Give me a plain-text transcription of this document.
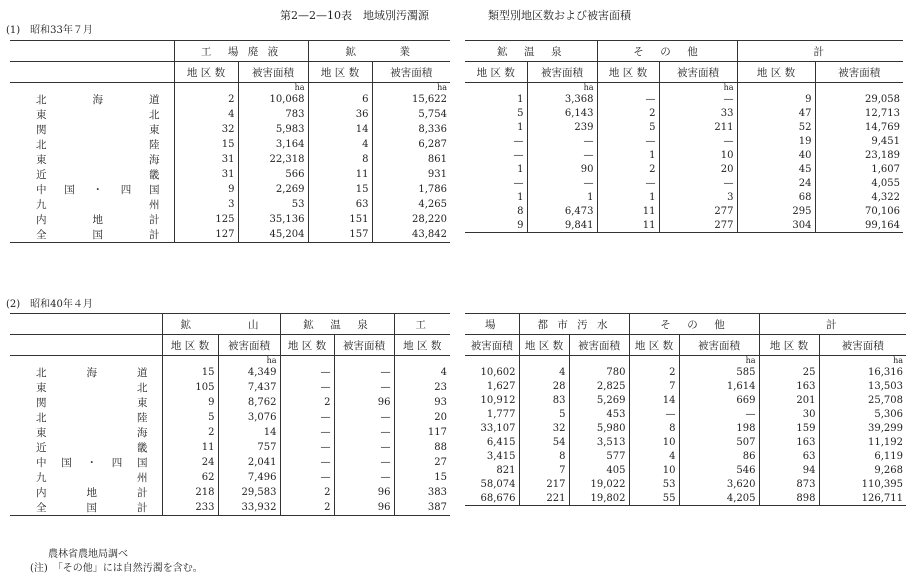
第2—2—10表　地域別汚濁源	類型別地区数および被害面積
(1)　昭和33年７月
	工　場 廃 液		鉱　　　業	
	地 区 数	被害面積	地 区 数	被害面積
		ha		ha
北海道	2	10,068	6	15,622
東北	4	783	36	5,754
関東	32	5,983	14	8,336
北陸	15	3,164	4	6,287
東海	31	22,318	8	861
近畿	31	566	11	931
中国・四国	9	2,269	15	1,786
九州	3	53	63	4,265
内地計	125	35,136	151	28,220
全国計	127	45,204	157	43,842
鉱　温　泉		そ　の　他		計	
地 区 数	被害面積	地 区 数	被害面積	地 区 数	被害面積
	ha		ha		
1	3,368	—	—	9	29,058
5	6,143	2	33	47	12,713
1	239	5	211	52	14,769
—	—	—	—	19	9,451
—	—	1	10	40	23,189
1	90	2	20	45	1,607
—	—	—	—	24	4,055
1	1	1	3	68	4,322
8	6,473	11	277	295	70,106
9	9,841	11	277	304	99,164
(2)　昭和40年４月
	鉱　　　　山		鉱　温　泉		工
	地 区 数	被害面積	地 区 数	被害面積	地 区 数
		ha			
北海道	15	4,349	—	—	4
東北	105	7,437	—	—	23
関東	9	8,762	2	96	93
北陸	5	3,076	—	—	20
東海	2	14	—	—	117
近畿	11	757	—	—	88
中国・四国	24	2,041	—	—	27
九州	62	7,496	—	—	15
内地計	218	29,583	2	96	383
全国計	233	33,932	2	96	387
場	都 市 汚 水		そ　の　他		計	
被害面積	地 区 数	被害面積	地 区 数	被害面積	地 区 数	被害面積
				ha		ha
10,602	4	780	2	585	25	16,316
1,627	28	2,825	7	1,614	163	13,503
10,912	83	5,269	14	669	201	25,708
1,777	5	453	—	—	30	5,306
33,107	32	5,980	8	198	159	39,299
6,415	54	3,513	10	507	163	11,192
3,415	8	577	4	86	63	6,119
821	7	405	10	546	94	9,268
58,074	217	19,022	53	3,620	873	110,395
68,676	221	19,802	55	4,205	898	126,711
農林省農地局調べ
(注)　「その他」には自然汚濁を含む。
